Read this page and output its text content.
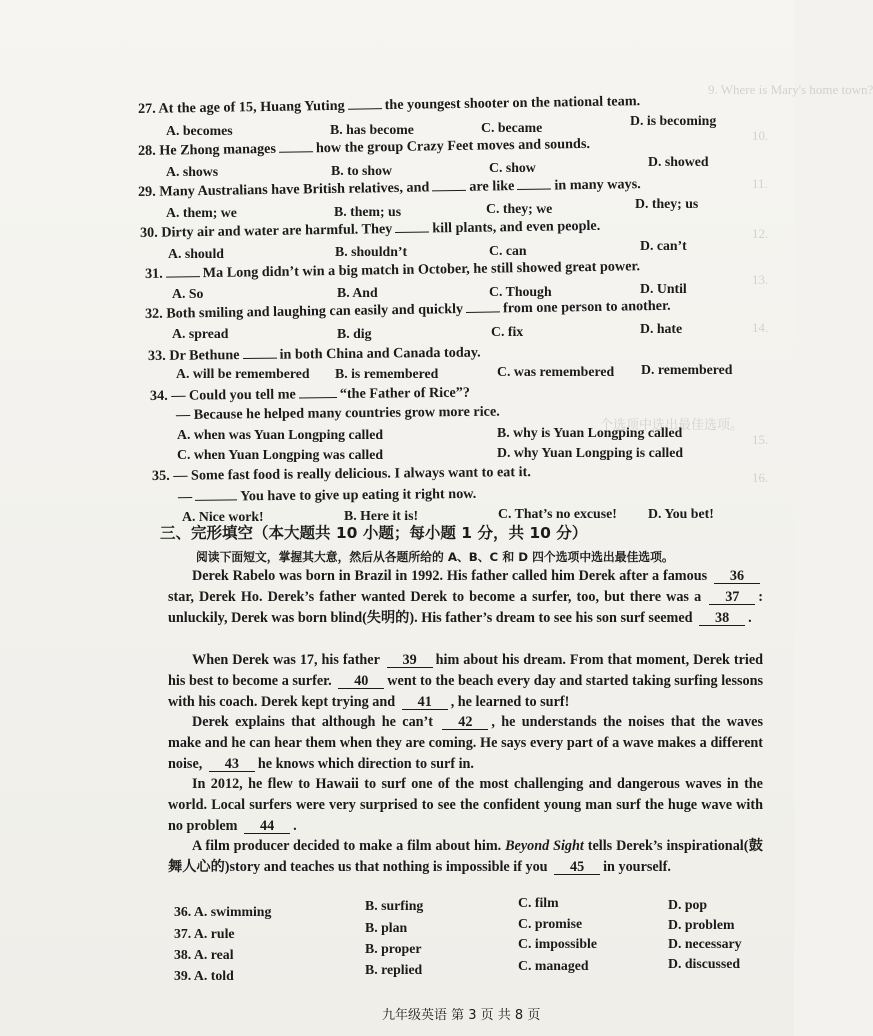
9. Where is Mary's home town?
10.
11.
12.
13.
14.
个选项中选出最佳选项。
15.
16.
27. At the age of 15, Huang Yuting	the youngest shooter on the national team.
A. becomes	B. has become	C. became	D. is becoming
28. He Zhong manages	how the group Crazy Feet moves and sounds.
A. shows	B. to show	C. show	D. showed
29. Many Australians have British relatives, and	are like	in many ways.
A. them; we	B. them; us	C. they; we	D. they; us
30. Dirty air and water are harmful. They	kill plants, and even people.
A. should	B. shouldn’t	C. can	D. can’t
31.	Ma Long didn’t win a big match in October, he still showed great power.
A. So	B. And	C. Though	D. Until
32. Both smiling and laughing can easily and quickly	from one person to another.
A. spread	B. dig	C. fix	D. hate
33. Dr Bethune	in both China and Canada today.
A. will be remembered B. is remembered	C. was remembered D. remembered
34. — Could you tell me	“the Father of Rice”?
— Because he helped many countries grow more rice.
A. when was Yuan Longping called	B. why is Yuan Longping called
C. when Yuan Longping was called	D. why Yuan Longping is called
35. — Some fast food is really delicious. I always want to eat it.
—	You have to give up eating it right now.
A. Nice work!	B. Here it is!	C. That’s no excuse! D. You bet!
三、完形填空（本大题共 10 小题；每小题 1 分，共 10 分）
阅读下面短文，掌握其大意，然后从各题所给的 A、B、C 和 D 四个选项中选出最佳选项。
Derek Rabelo was born in Brazil in 1992. His father called him Derek after a famous 36star, Derek Ho. Derek’s father wanted Derek to become a surfer, too, but there was a 37 : unluckily, Derek was born blind(失明的). His father’s dream to see his son surf seemed 38 .
When Derek was 17, his father 39 him about his dream. From that moment, Derek tried his best to become a surfer. 40 went to the beach every day and started taking surfing lessons with his coach. Derek kept trying and 41 , he learned to surf!
Derek explains that although he can’t 42 , he understands the noises that the waves make and he can hear them when they are coming. He says every part of a wave makes a different noise, 43 he knows which direction to surf in.
In 2012, he flew to Hawaii to surf one of the most challenging and dangerous waves in the world. Local surfers were very surprised to see the confident young man surf the huge wave with no problem 44 .
A film producer decided to make a film about him. Beyond Sight tells Derek’s inspirational(鼓舞人心的)story and teaches us that nothing is impossible if you 45 in yourself.
36. A. swimming	B. surfing	C. film	D. pop
37. A. rule	B. plan	C. promise	D. problem
38. A. real	B. proper	C. impossible	D. necessary
39. A. told	B. replied	C. managed	D. discussed
九年级英语 第 3 页 共 8 页
